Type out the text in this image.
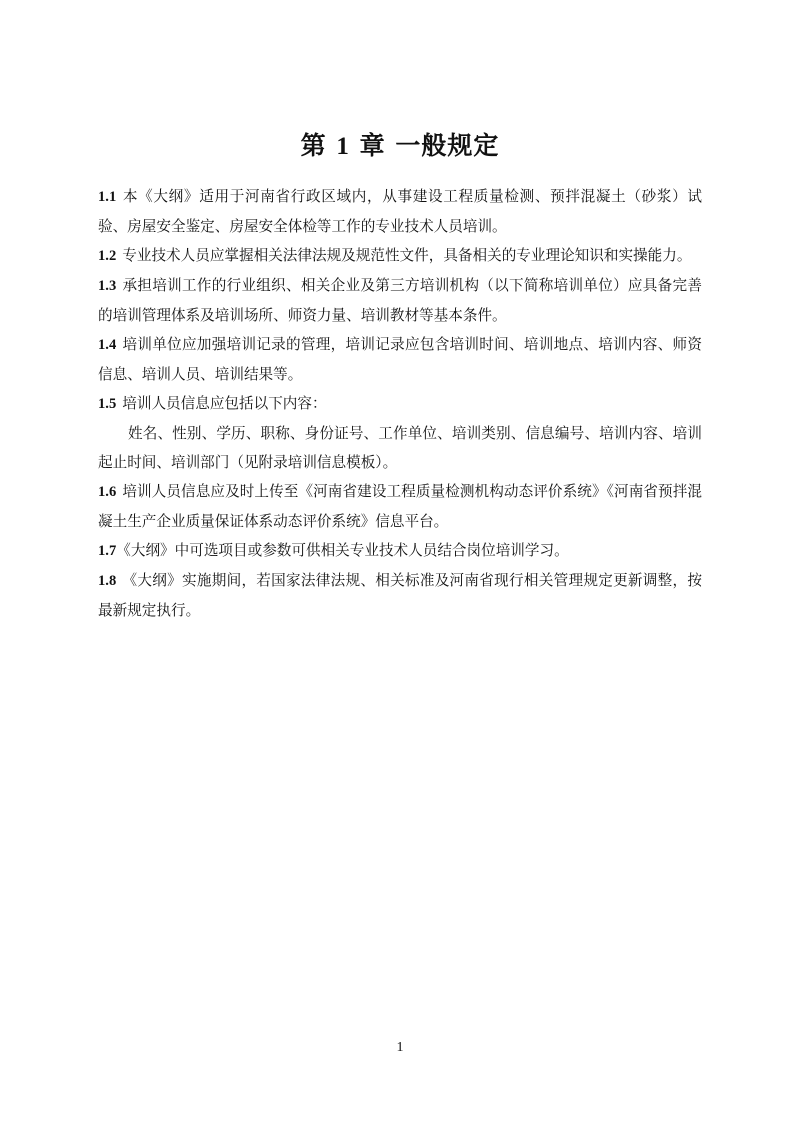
第 1 章 一般规定

1.1 本《大纲》适用于河南省行政区域内，从事建设工程质量检测、预拌混凝土（砂浆）试验、房屋安全鉴定、房屋安全体检等工作的专业技术人员培训。

1.2 专业技术人员应掌握相关法律法规及规范性文件，具备相关的专业理论知识和实操能力。

1.3 承担培训工作的行业组织、相关企业及第三方培训机构（以下简称培训单位）应具备完善的培训管理体系及培训场所、师资力量、培训教材等基本条件。

1.4 培训单位应加强培训记录的管理，培训记录应包含培训时间、培训地点、培训内容、师资信息、培训人员、培训结果等。

1.5 培训人员信息应包括以下内容：

姓名、性别、学历、职称、身份证号、工作单位、培训类别、信息编号、培训内容、培训起止时间、培训部门（见附录培训信息模板）。

1.6 培训人员信息应及时上传至《河南省建设工程质量检测机构动态评价系统》《河南省预拌混凝土生产企业质量保证体系动态评价系统》信息平台。

1.7《大纲》中可选项目或参数可供相关专业技术人员结合岗位培训学习。

1.8 《大纲》实施期间，若国家法律法规、相关标准及河南省现行相关管理规定更新调整，按最新规定执行。

1
